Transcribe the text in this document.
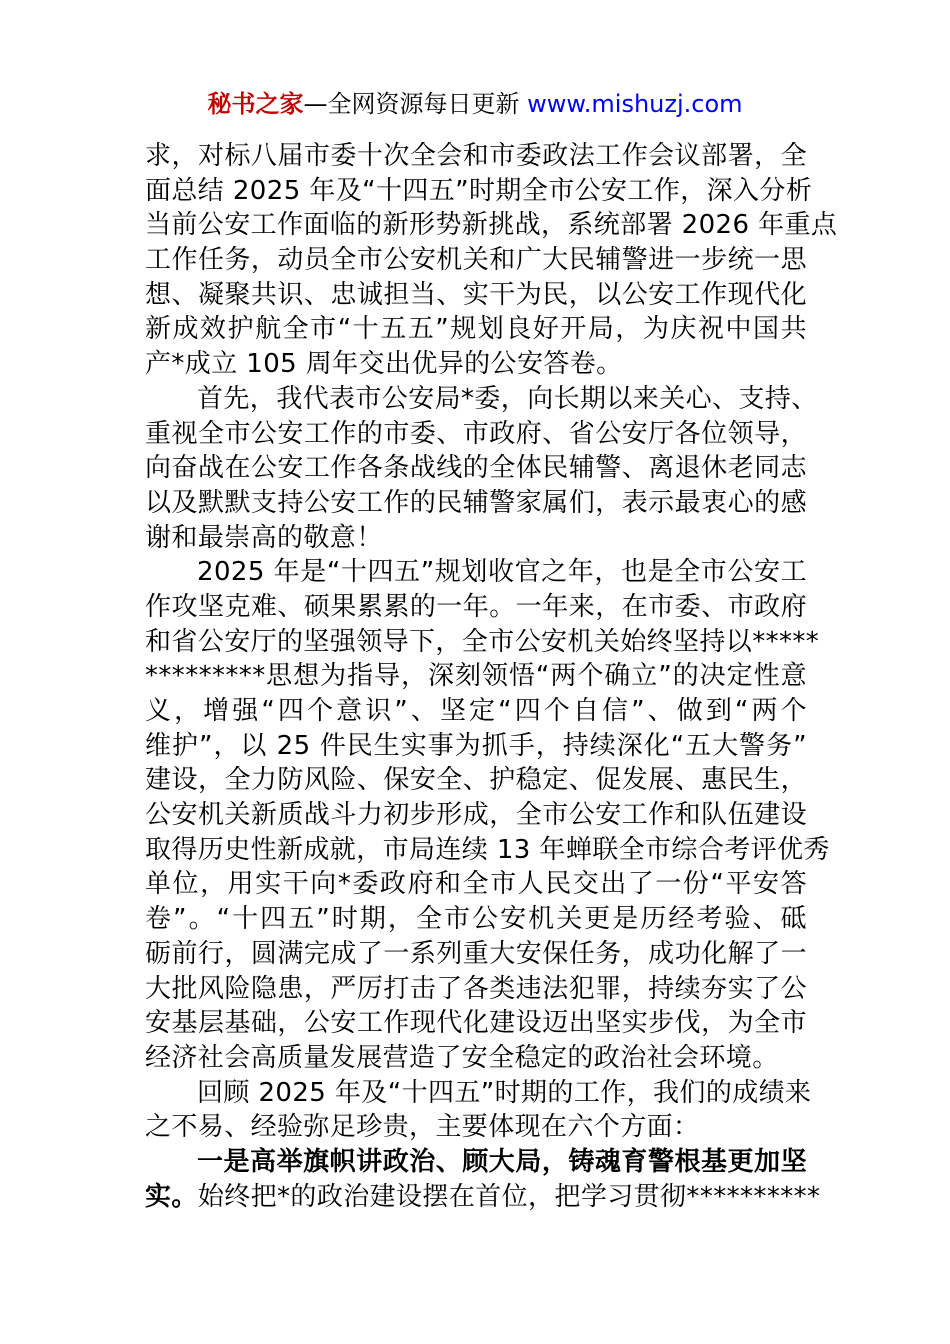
秘书之家—全网资源每日更新 www.mishuzj.com
求，对标八届市委十次全会和市委政法工作会议部署，全
面总结 2025 年及“十四五”时期全市公安工作，深入分析
当前公安工作面临的新形势新挑战，系统部署 2026 年重点
工作任务，动员全市公安机关和广大民辅警进一步统一思
想、凝聚共识、忠诚担当、实干为民，以公安工作现代化
新成效护航全市“十五五”规划良好开局，为庆祝中国共
产*成立 105 周年交出优异的公安答卷。
首先，我代表市公安局*委，向长期以来关心、支持、
重视全市公安工作的市委、市政府、省公安厅各位领导，
向奋战在公安工作各条战线的全体民辅警、离退休老同志
以及默默支持公安工作的民辅警家属们，表示最衷心的感
谢和最崇高的敬意！
2025 年是“十四五”规划收官之年，也是全市公安工
作攻坚克难、硕果累累的一年。一年来，在市委、市政府
和省公安厅的坚强领导下，全市公安机关始终坚持以*****
*********思想为指导，深刻领悟“两个确立”的决定性意
义，增强“四个意识”、坚定“四个自信”、做到“两个
维护”，以 25 件民生实事为抓手，持续深化“五大警务”
建设，全力防风险、保安全、护稳定、促发展、惠民生，
公安机关新质战斗力初步形成，全市公安工作和队伍建设
取得历史性新成就，市局连续 13 年蝉联全市综合考评优秀
单位，用实干向*委政府和全市人民交出了一份“平安答
卷”。“十四五”时期，全市公安机关更是历经考验、砥
砺前行，圆满完成了一系列重大安保任务，成功化解了一
大批风险隐患，严厉打击了各类违法犯罪，持续夯实了公
安基层基础，公安工作现代化建设迈出坚实步伐，为全市
经济社会高质量发展营造了安全稳定的政治社会环境。
回顾 2025 年及“十四五”时期的工作，我们的成绩来
之不易、经验弥足珍贵，主要体现在六个方面：
一是高举旗帜讲政治、顾大局，铸魂育警根基更加坚
实。始终把*的政治建设摆在首位，把学习贯彻**********
